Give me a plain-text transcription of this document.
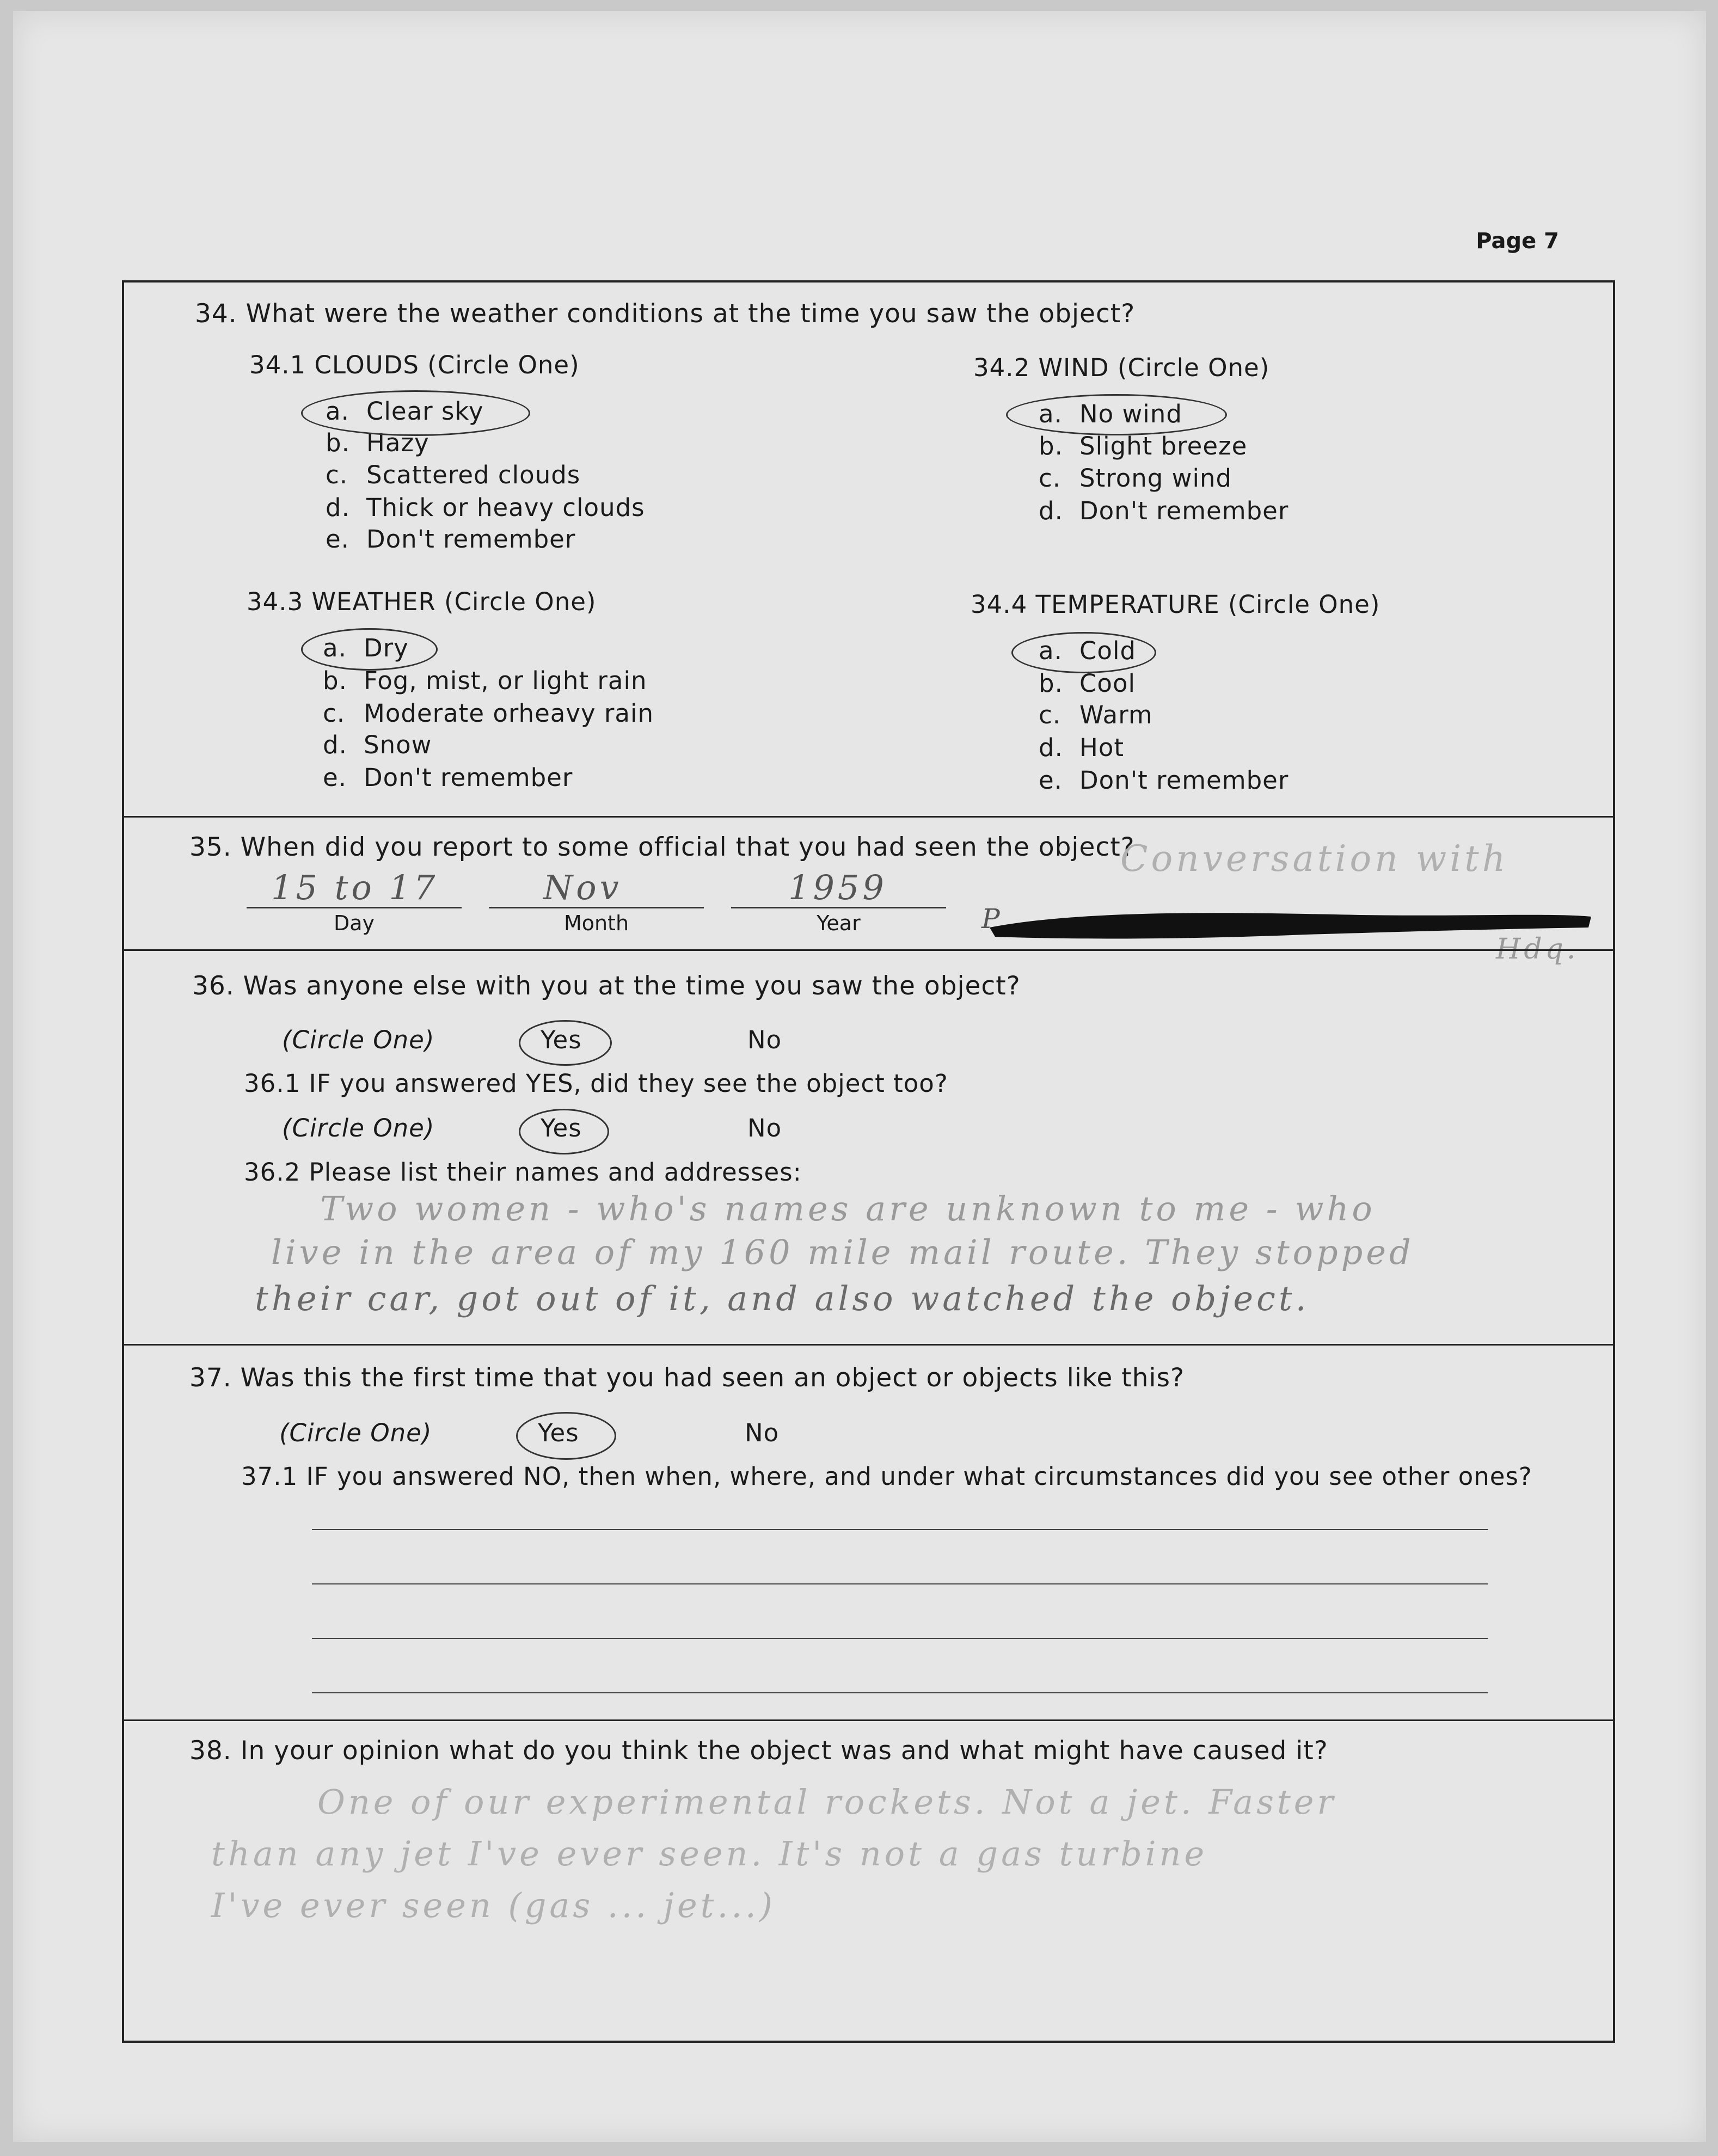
Page 7
34. What were the weather conditions at the time you saw the object?
34.1 CLOUDS (Circle One)
a. Clear sky
b. Hazy
c. Scattered clouds
d. Thick or heavy clouds
e. Don't remember
34.2 WIND (Circle One)
a. No wind
b. Slight breeze
c. Strong wind
d. Don't remember
34.3 WEATHER (Circle One)
a. Dry
b. Fog, mist, or light rain
c. Moderate orheavy rain
d. Snow
e. Don't remember
34.4 TEMPERATURE (Circle One)
a. Cold
b. Cool
c. Warm
d. Hot
e. Don't remember
35. When did you report to some official that you had seen the object?
15 to 17	Nov	1959
Day	Month	Year
Conversation with
P
Hdq.
36. Was anyone else with you at the time you saw the object?
(Circle One)	Yes	No
36.1 IF you answered YES, did they see the object too?
(Circle One)	Yes	No
36.2 Please list their names and addresses:
Two women - who's names are unknown to me - who
live in the area of my 160 mile mail route. They stopped
their car, got out of it, and also watched the object.
37. Was this the first time that you had seen an object or objects like this?
(Circle One)	Yes	No
37.1 IF you answered NO, then when, where, and under what circumstances did you see other ones?
38. In your opinion what do you think the object was and what might have caused it?
One of our experimental rockets. Not a jet. Faster
than any jet I've ever seen. It's not a gas turbine
I've ever seen (gas ... jet...)
